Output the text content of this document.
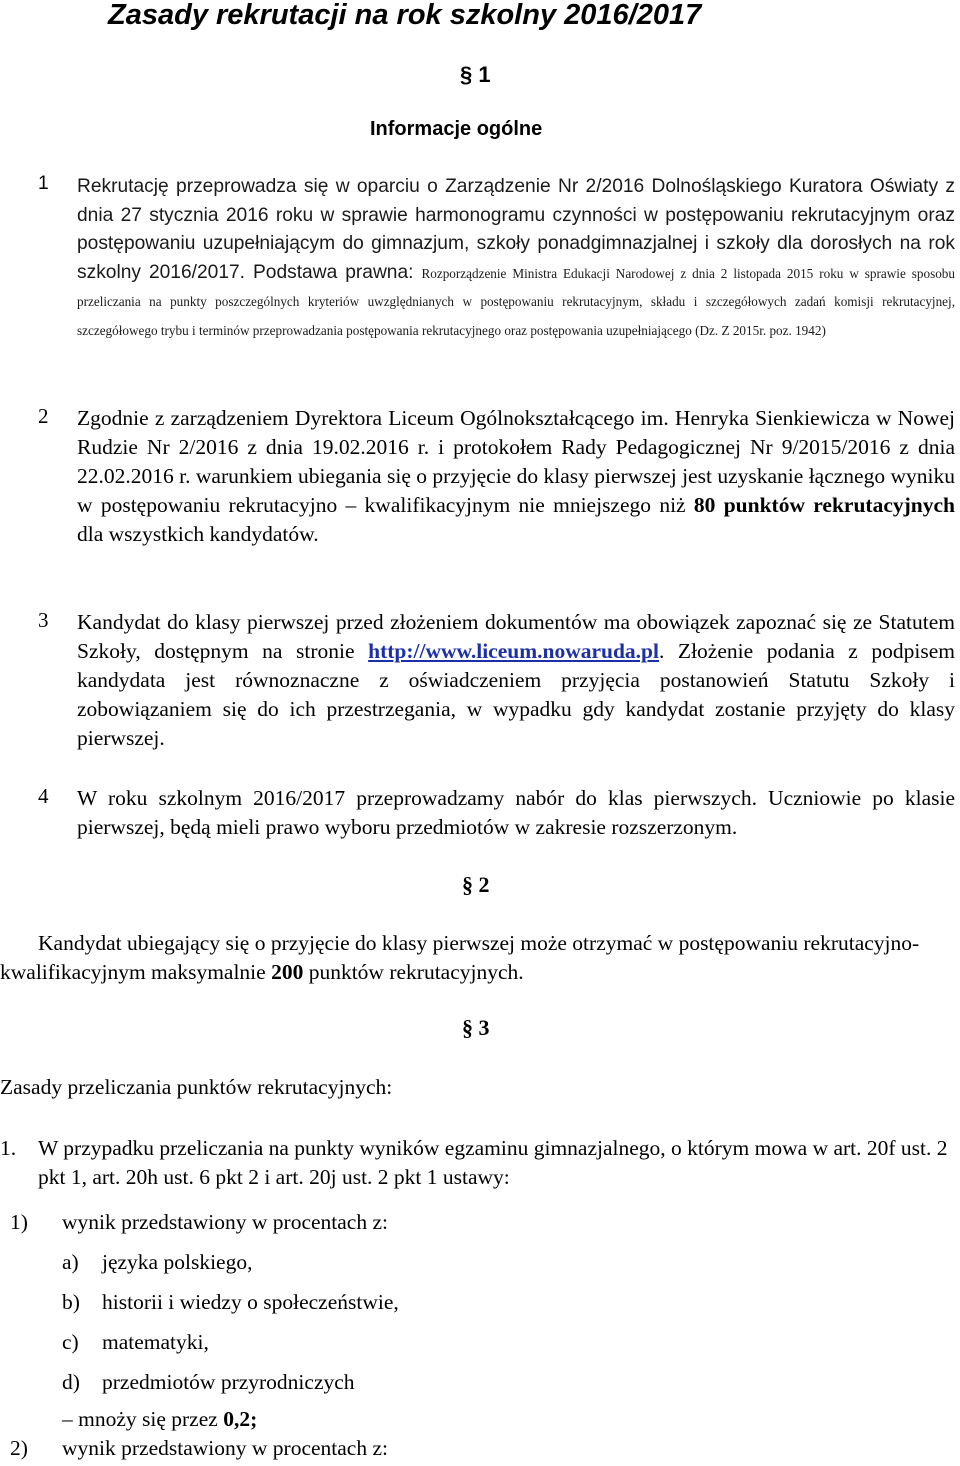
Zasady rekrutacji na rok szkolny 2016/2017
§ 1
Informacje ogólne
1 Rekrutację przeprowadza się w oparciu o Zarządzenie Nr 2/2016 Dolnośląskiego Kuratora Oświaty z dnia 27 stycznia 2016 roku w sprawie harmonogramu czynności w postępowaniu rekrutacyjnym oraz postępowaniu uzupełniającym do gimnazjum, szkoły ponadgimnazjalnej i szkoły dla dorosłych na rok szkolny 2016/2017. Podstawa prawna: Rozporządzenie Ministra Edukacji Narodowej z dnia 2 listopada 2015 roku w sprawie sposobu przeliczania na punkty poszczególnych kryteriów uwzględnianych w postępowaniu rekrutacyjnym, składu i szczegółowych zadań komisji rekrutacyjnej, szczegółowego trybu i terminów przeprowadzania postępowania rekrutacyjnego oraz postępowania uzupełniającego (Dz. Z 2015r. poz. 1942)
2 Zgodnie z zarządzeniem Dyrektora Liceum Ogólnokształcącego im. Henryka Sienkiewicza w Nowej Rudzie Nr 2/2016 z dnia 19.02.2016 r. i protokołem Rady Pedagogicznej Nr 9/2015/2016 z dnia 22.02.2016 r. warunkiem ubiegania się o przyjęcie do klasy pierwszej jest uzyskanie łącznego wyniku w postępowaniu rekrutacyjno – kwalifikacyjnym nie mniejszego niż 80 punktów rekrutacyjnych dla wszystkich kandydatów.
3 Kandydat do klasy pierwszej przed złożeniem dokumentów ma obowiązek zapoznać się ze Statutem Szkoły, dostępnym na stronie http://www.liceum.nowaruda.pl. Złożenie podania z podpisem kandydata jest równoznaczne z oświadczeniem przyjęcia postanowień Statutu Szkoły i zobowiązaniem się do ich przestrzegania, w wypadku gdy kandydat zostanie przyjęty do klasy pierwszej.
4 W roku szkolnym 2016/2017 przeprowadzamy nabór do klas pierwszych. Uczniowie po klasie pierwszej, będą mieli prawo wyboru przedmiotów w zakresie rozszerzonym.
§ 2
Kandydat ubiegający się o przyjęcie do klasy pierwszej może otrzymać w postępowaniu rekrutacyjno-kwalifikacyjnym maksymalnie 200 punktów rekrutacyjnych.
§ 3
Zasady przeliczania punktów rekrutacyjnych:
1. W przypadku przeliczania na punkty wyników egzaminu gimnazjalnego, o którym mowa w art. 20f ust. 2 pkt 1, art. 20h ust. 6 pkt 2 i art. 20j ust. 2 pkt 1 ustawy:
1) wynik przedstawiony w procentach z:
a) języka polskiego,
b) historii i wiedzy o społeczeństwie,
c) matematyki,
d) przedmiotów przyrodniczych
– mnoży się przez 0,2;
2) wynik przedstawiony w procentach z:
